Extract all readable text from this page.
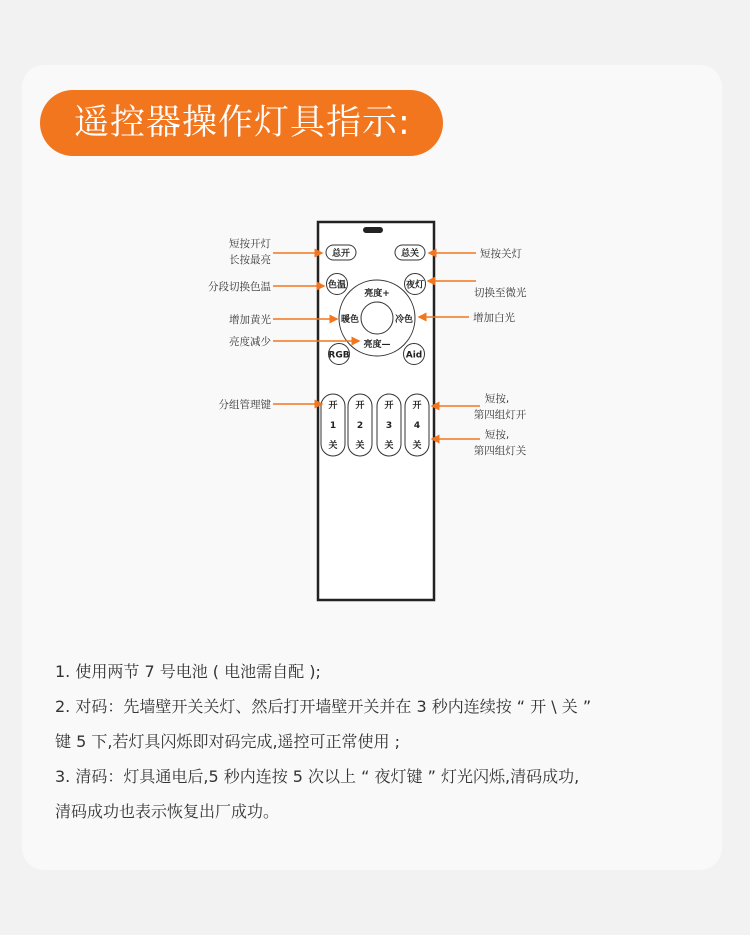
遥控器操作灯具指示:
总开	总关
色温	夜灯
RGB	Aid
亮度+
暖色	冷色
亮度—
开
1
关
开
2
关
开
3
关
开
4
关
短按开灯
长按最亮	短按关灯
分段切换色温	切换至微光
增加黄光	增加白光
亮度减少
分组管理键	短按,
第四组灯开
短按,
第四组灯关

1. 使用两节 7 号电池 ( 电池需自配 );

2. 对码：先墙壁开关关灯、然后打开墙壁开关并在 3 秒内连续按 “ 开 \ 关 ”

键 5 下,若灯具闪烁即对码完成,遥控可正常使用 ;

3. 清码：灯具通电后,5 秒内连按 5 次以上 “ 夜灯键 ” 灯光闪烁,清码成功,

清码成功也表示恢复出厂成功。
